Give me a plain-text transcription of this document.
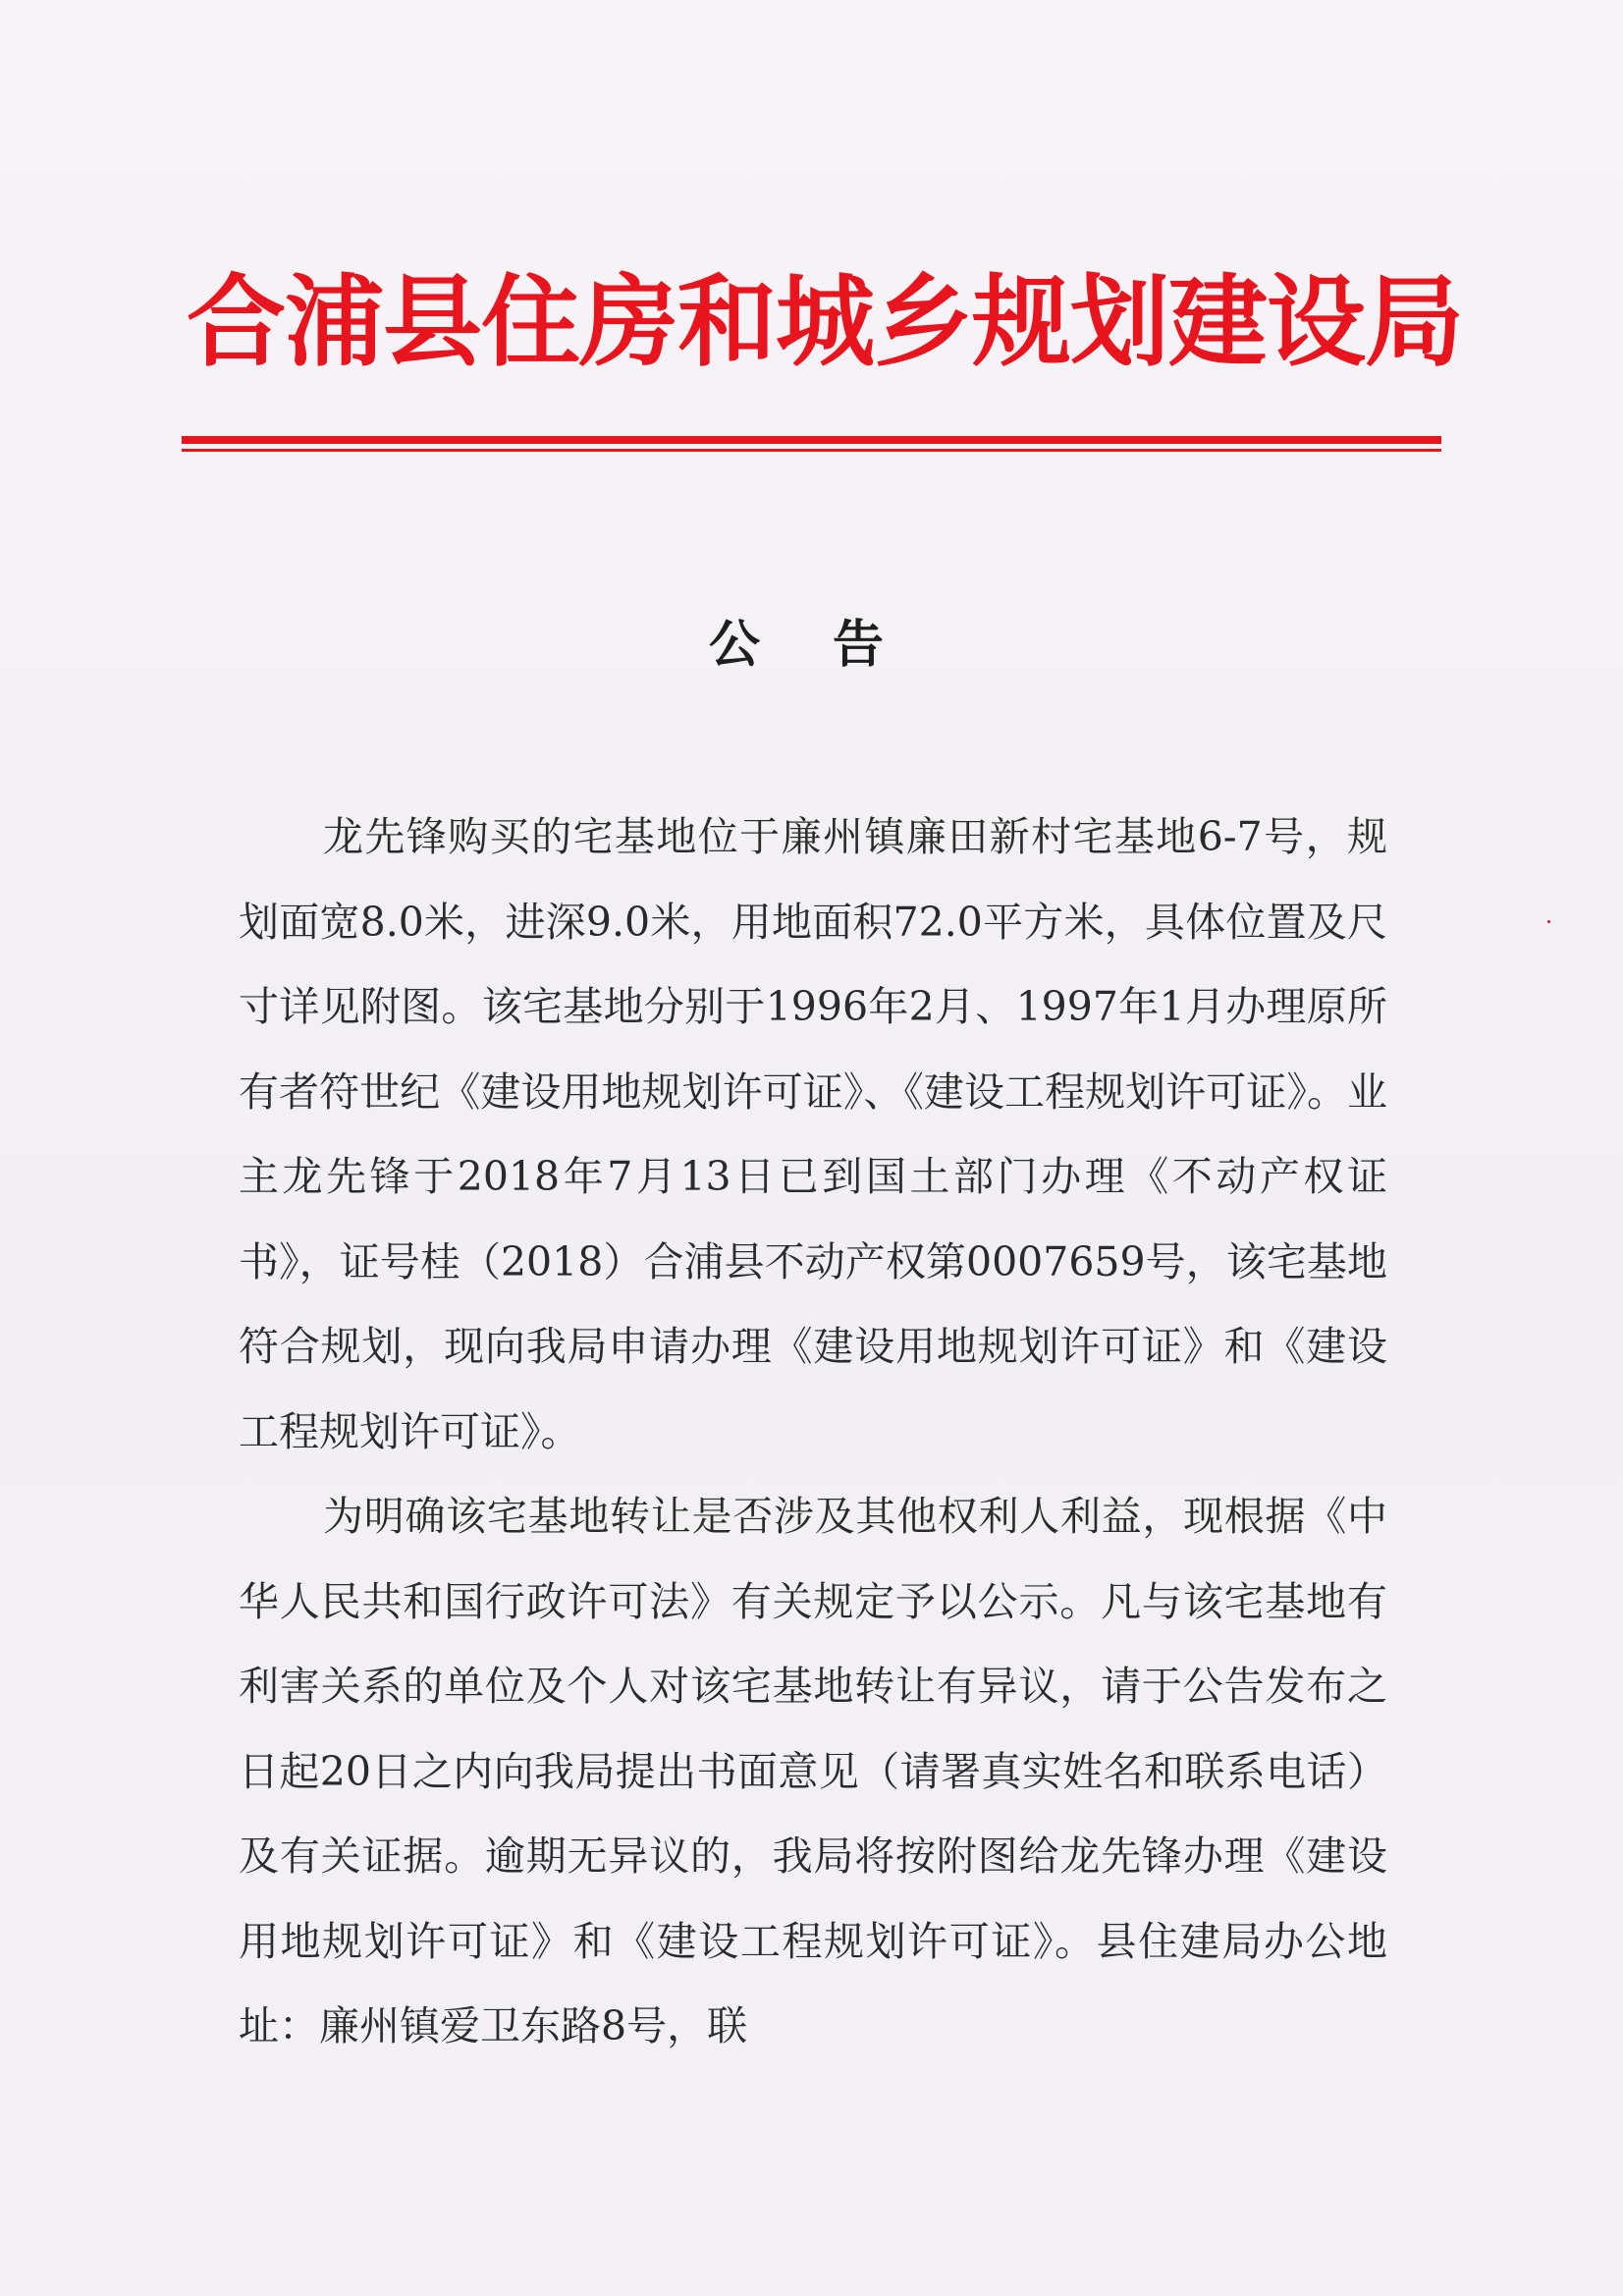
合浦县住房和城乡规划建设局
公 告

龙先锋购买的宅基地位于廉州镇廉田新村宅基地6-7号，规划面宽8.0米，进深9.0米，用地面积72.0平方米，具体位置及尺寸详见附图。该宅基地分别于1996年2月、1997年1月办理原所有者符世纪《建设用地规划许可证》、《建设工程规划许可证》。业主龙先锋于2018年7月13日已到国土部门办理《不动产权证书》，证号桂（2018）合浦县不动产权第0007659号，该宅基地符合规划，现向我局申请办理《建设用地规划许可证》和《建设工程规划许可证》。

为明确该宅基地转让是否涉及其他权利人利益，现根据《中华人民共和国行政许可法》有关规定予以公示。凡与该宅基地有利害关系的单位及个人对该宅基地转让有异议，请于公告发布之日起20日之内向我局提出书面意见（请署真实姓名和联系电话）及有关证据。逾期无异议的，我局将按附图给龙先锋办理《建设用地规划许可证》和《建设工程规划许可证》。县住建局办公地址：廉州镇爱卫东路8号，联
